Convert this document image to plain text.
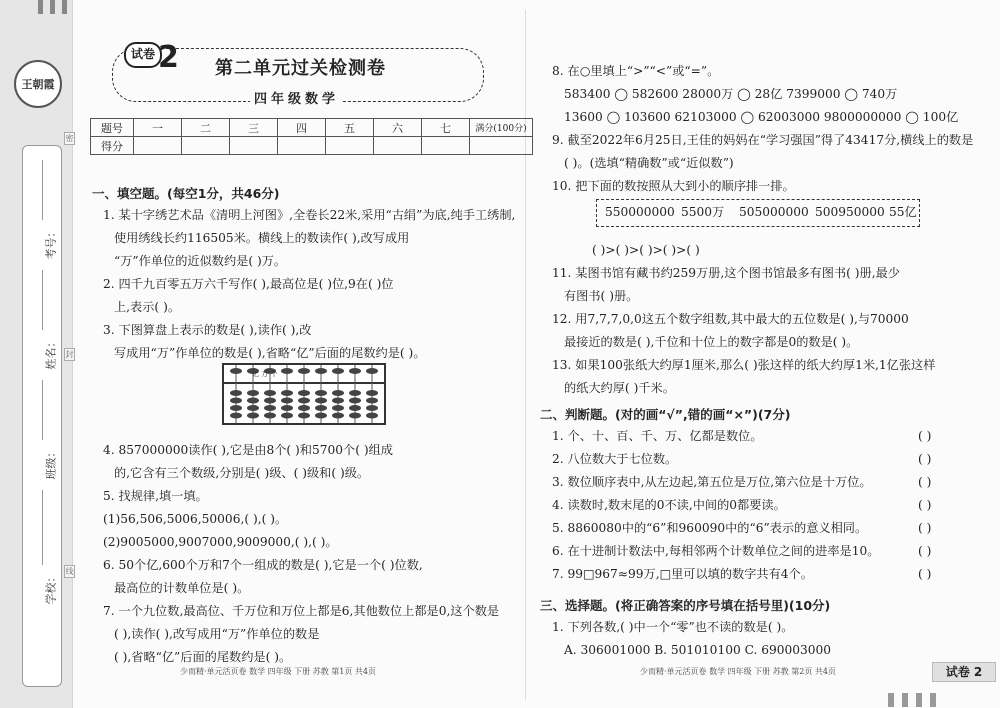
王朝霞
考号：
姓名：
班级：
学校：
密
封
线
试卷 2 第二单元过关检测卷
四年级数学
题号	一	二	三	四	五	六	七	满分(100分)
得分								
一、填空题。(每空1分，共46分)
1. 某十字绣艺术品《清明上河图》,全卷长22米,采用“古绢”为底,纯手工绣制,
使用绣线长约116505米。横线上的数读作( ),改写成用
“万”作单位的近似数约是( )万。
2. 四千九百零五万六千写作( ),最高位是( )位,9在( )位
上,表示( )。
3. 下图算盘上表示的数是( ),读作( ),改
写成用“万”作单位的数是( ),省略“亿”后面的尾数约是( )。
4. 857000000读作( ),它是由8个( )和5700个( )组成
的,它含有三个数级,分别是( )级、( )级和( )级。
5. 找规律,填一填。
(1)56,506,5006,50006,( ),( )。
(2)9005000,9007000,9009000,( ),( )。
6. 50个亿,600个万和7个一组成的数是( ),它是一个( )位数,
最高位的计数单位是( )。
7. 一个九位数,最高位、千万位和万位上都是6,其他数位上都是0,这个数是
( ),读作( ),改写成用“万”作单位的数是
( ),省略“亿”后面的尾数约是( )。
亿 万 个
550000000 5500万 505000000 500950000 55亿
8. 在○里填上“>”“<”或“=”。
583400 ◯ 582600 28000万 ◯ 28亿 7399000 ◯ 740万
13600 ◯ 103600 62103000 ◯ 62003000 9800000000 ◯ 100亿
9. 截至2022年6月25日,王佳的妈妈在“学习强国”得了43417分,横线上的数是
( )。(选填“精确数”或“近似数”)
10. 把下面的数按照从大到小的顺序排一排。
( )>( )>( )>( )>( )
11. 某图书馆有藏书约259万册,这个图书馆最多有图书( )册,最少
有图书( )册。
12. 用7,7,7,0,0这五个数字组数,其中最大的五位数是( ),与70000
最接近的数是( ),千位和十位上的数字都是0的数是( )。
13. 如果100张纸大约厚1厘米,那么( )张这样的纸大约厚1米,1亿张这样
的纸大约厚( )千米。
二、判断题。(对的画“√”,错的画“×”)(7分)
1. 个、十、百、千、万、亿都是数位。
2. 八位数大于七位数。
3. 数位顺序表中,从左边起,第五位是万位,第六位是十万位。
4. 读数时,数末尾的0不读,中间的0都要读。
5. 8860080中的“6”和960090中的“6”表示的意义相同。
6. 在十进制计数法中,每相邻两个计数单位之间的进率是10。
7. 99□967≈99万,□里可以填的数字共有4个。
三、选择题。(将正确答案的序号填在括号里)(10分)
1. 下列各数,( )中一个“零”也不读的数是( )。
A. 306001000 B. 501010100 C. 690003000
( )
( )
( )
( )
( )
( )
( )
少而精·单元活页卷 数学 四年级 下册 苏教 第1页 共4页	少而精·单元活页卷 数学 四年级 下册 苏教 第2页 共4页	试卷 2
